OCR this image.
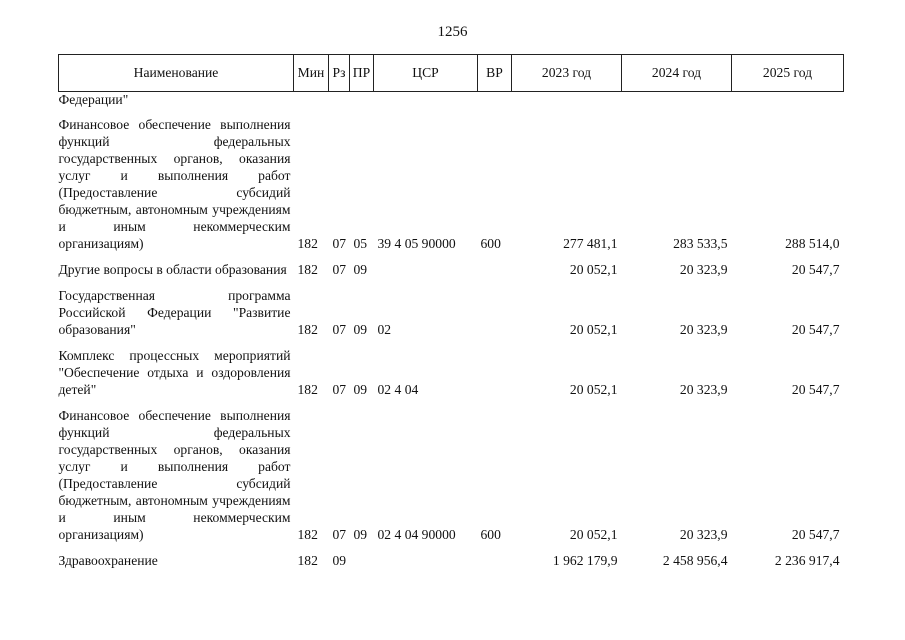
1256
Наименование	Мин	Рз	ПР	ЦСР	ВР	2023 год	2024 год	2025 год
Федерации"								

Финансовое обеспечение выполнения функций федеральных государственных органов, оказания услуг и выполнения работ (Предоставление субсидий бюджетным, автономным учреждениям и иным некоммерческим организациям)	182	07	05	39 4 05 90000	600	277 481,1	283 533,5	288 514,0

Другие вопросы в области образования	182	07	09			20 052,1	20 323,9	20 547,7

Государственная программа Российской Федерации "Развитие образования"	182	07	09	02		20 052,1	20 323,9	20 547,7

Комплекс процессных мероприятий "Обеспечение отдыха и оздоровления детей"	182	07	09	02 4 04		20 052,1	20 323,9	20 547,7

Финансовое обеспечение выполнения функций федеральных государственных органов, оказания услуг и выполнения работ (Предоставление субсидий бюджетным, автономным учреждениям и иным некоммерческим организациям)	182	07	09	02 4 04 90000	600	20 052,1	20 323,9	20 547,7

Здравоохранение	182	09				1 962 179,9	2 458 956,4	2 236 917,4
